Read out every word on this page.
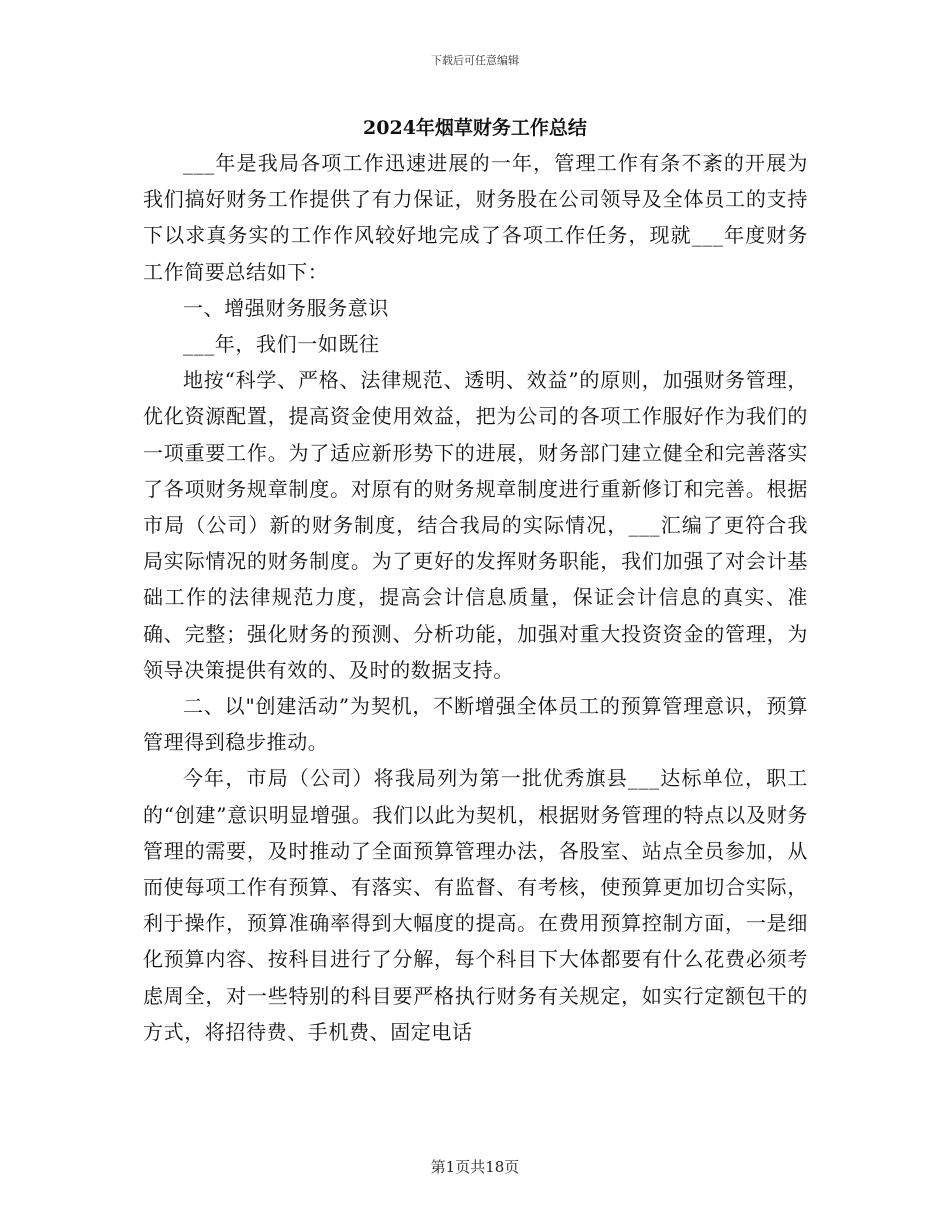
下载后可任意编辑
2024年烟草财务工作总结

___年是我局各项工作迅速进展的一年，管理工作有条不紊的开展为我们搞好财务工作提供了有力保证，财务股在公司领导及全体员工的支持下以求真务实的工作作风较好地完成了各项工作任务，现就___年度财务工作简要总结如下：

一、增强财务服务意识

___年，我们一如既往

地按“科学、严格、法律规范、透明、效益”的原则，加强财务管理，优化资源配置，提高资金使用效益，把为公司的各项工作服好作为我们的一项重要工作。为了适应新形势下的进展，财务部门建立健全和完善落实了各项财务规章制度。对原有的财务规章制度进行重新修订和完善。根据市局（公司）新的财务制度，结合我局的实际情况，___汇编了更符合我局实际情况的财务制度。为了更好的发挥财务职能，我们加强了对会计基础工作的法律规范力度，提高会计信息质量，保证会计信息的真实、准确、完整；强化财务的预测、分析功能，加强对重大投资资金的管理，为领导决策提供有效的、及时的数据支持。

二、以"创建活动”为契机，不断增强全体员工的预算管理意识，预算管理得到稳步推动。

今年，市局（公司）将我局列为第一批优秀旗县___达标单位，职工的“创建”意识明显增强。我们以此为契机，根据财务管理的特点以及财务管理的需要，及时推动了全面预算管理办法，各股室、站点全员参加，从而使每项工作有预算、有落实、有监督、有考核，使预算更加切合实际，利于操作，预算准确率得到大幅度的提高。在费用预算控制方面，一是细化预算内容、按科目进行了分解，每个科目下大体都要有什么花费必须考虑周全，对一些特别的科目要严格执行财务有关规定，如实行定额包干的方式，将招待费、手机费、固定电话

第1页共18页
